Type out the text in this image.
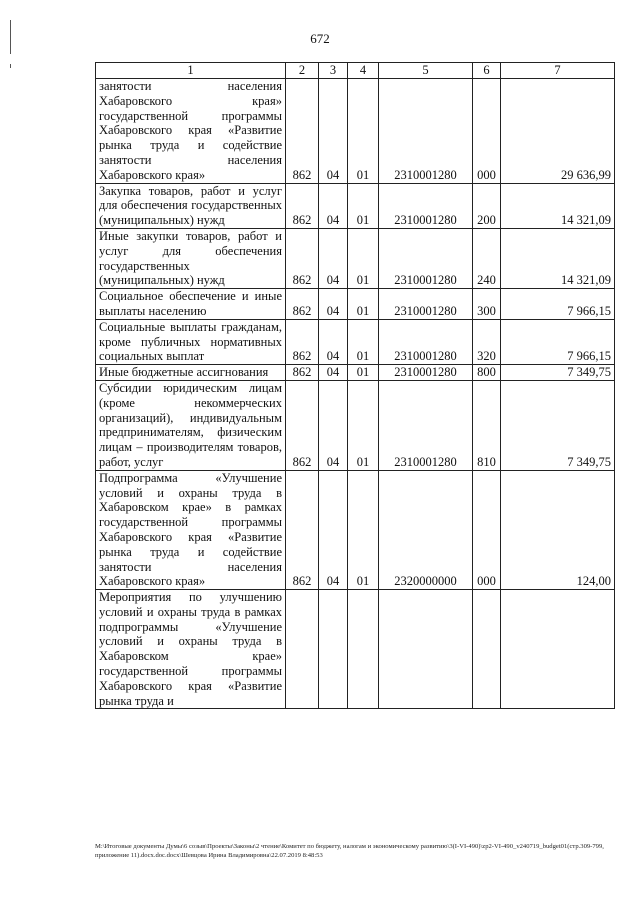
672
1	2	3	4	5	6	7
занятости населения Хабаровского края» государственной программы Хабаровского края «Развитие рынка труда и содействие занятости населения Хабаровского края»	862	04	01	2310001280	000	29 636,99
Закупка товаров, работ и услуг для обеспечения государственных (муниципальных) нужд	862	04	01	2310001280	200	14 321,09
Иные закупки товаров, работ и услуг для обеспечения государственных (муниципальных) нужд	862	04	01	2310001280	240	14 321,09
Социальное обеспечение и иные выплаты населению	862	04	01	2310001280	300	7 966,15
Социальные выплаты гражданам, кроме публичных нормативных социальных выплат	862	04	01	2310001280	320	7 966,15
Иные бюджетные ассигнования	862	04	01	2310001280	800	7 349,75
Субсидии юридическим лицам (кроме некоммерческих организаций), индивидуальным предпринимателям, физическим лицам – производителям товаров, работ, услуг	862	04	01	2310001280	810	7 349,75
Подпрограмма «Улучшение условий и охраны труда в Хабаровском крае» в рамках государственной программы Хабаровского края «Развитие рынка труда и содействие занятости населения Хабаровского края»	862	04	01	2320000000	000	124,00
Мероприятия по улучшению условий и охраны труда в рамках подпрограммы «Улучшение условий и охраны труда в Хабаровском крае» государственной программы Хабаровского края «Развитие рынка труда и						
М:\Итоговые документы Думы\6 созыв\Проекты\Законы\2 чтение\Комитет по бюджету, налогам и экономическому развитию\3(I-VI-490)\zp2-VI-490_v240719_budget01(стр.309-799, приложение 11).docx.doc.docx\Шевцова Ирина Владимировна\22.07.2019 8:48:53
